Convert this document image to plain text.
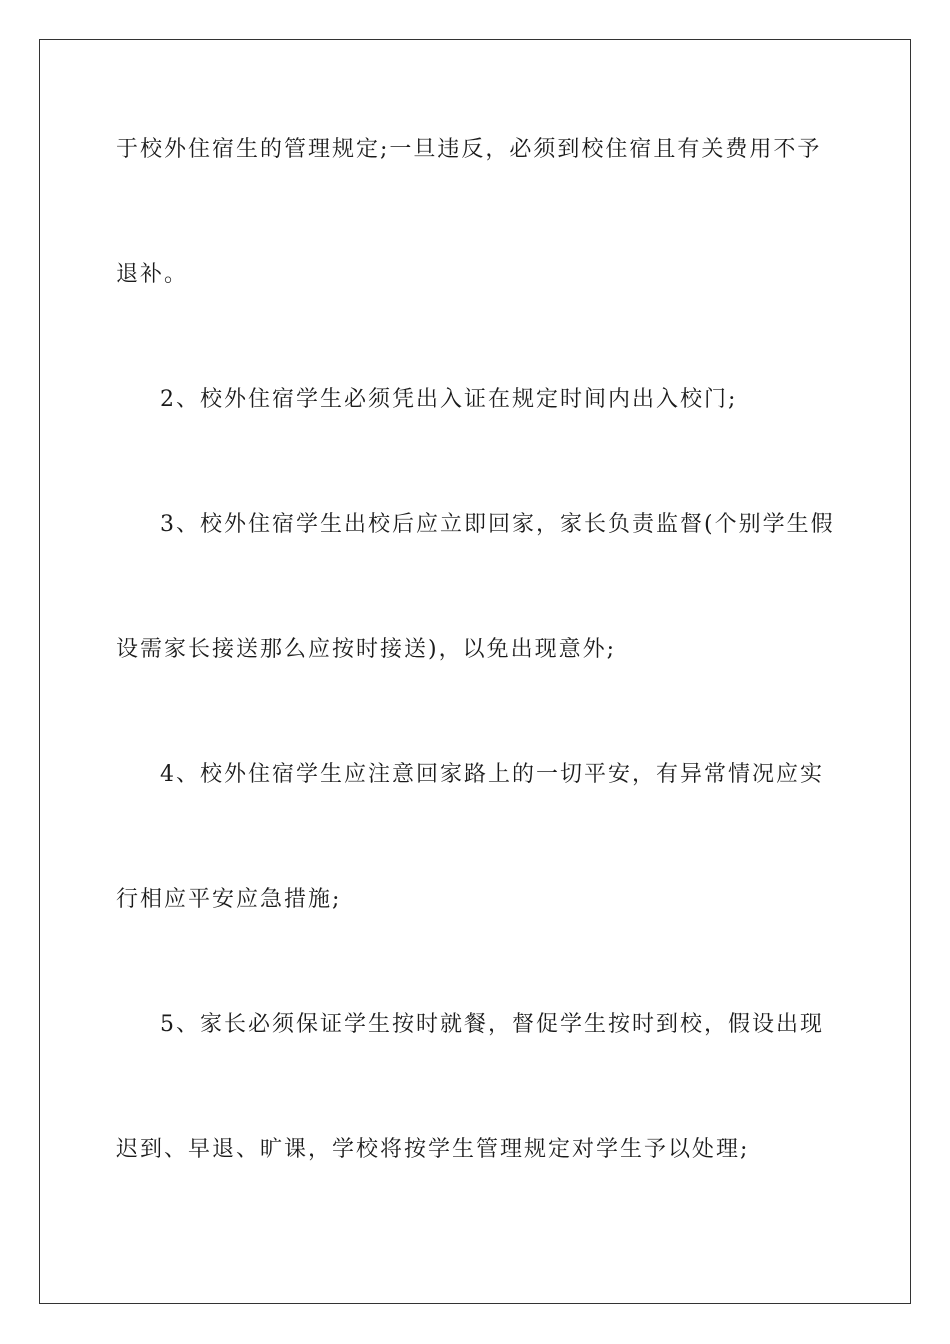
于校外住宿生的管理规定;一旦违反，必须到校住宿且有关费用不予
退补。
2、校外住宿学生必须凭出入证在规定时间内出入校门;
3、校外住宿学生出校后应立即回家，家长负责监督(个别学生假
设需家长接送那么应按时接送)，以免出现意外;
4、校外住宿学生应注意回家路上的一切平安，有异常情况应实
行相应平安应急措施;
5、家长必须保证学生按时就餐，督促学生按时到校，假设出现
迟到、早退、旷课，学校将按学生管理规定对学生予以处理;
